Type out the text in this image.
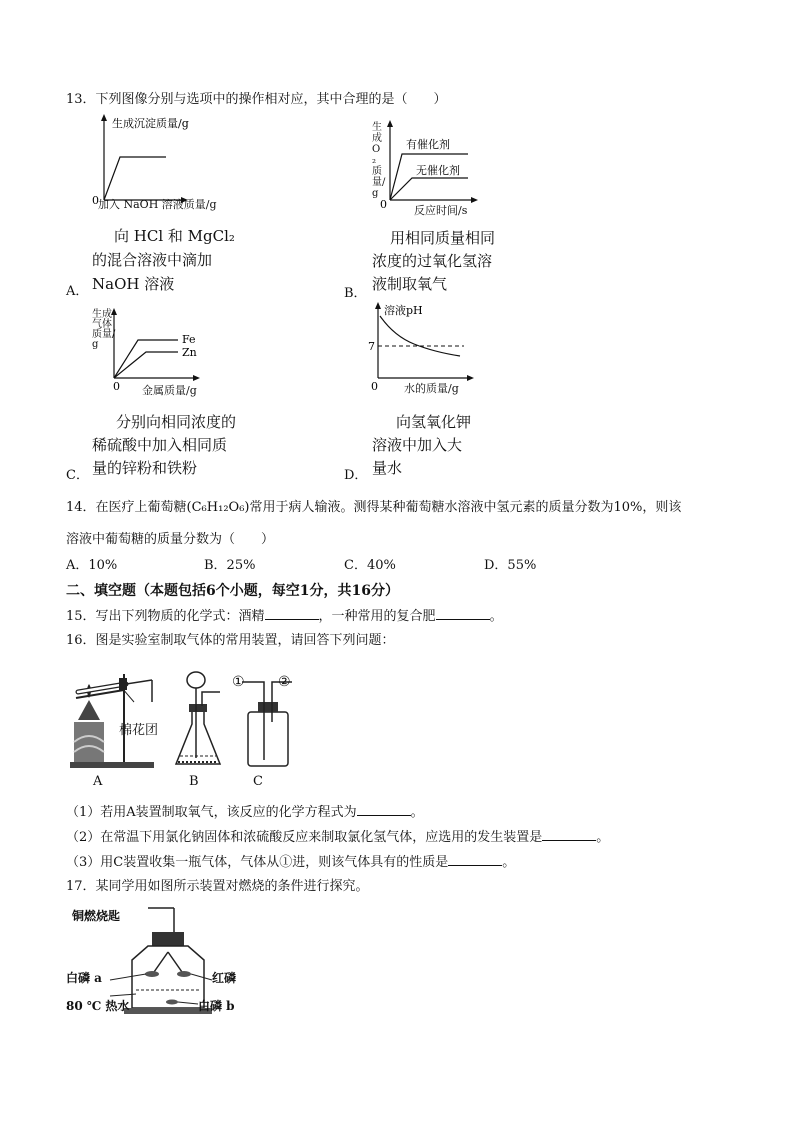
13．下列图像分别与选项中的操作相对应，其中合理的是（　　）
生成沉淀质量/g
0 加入 NaOH 溶液质量/g
向 HCl 和 MgCl₂
的混合溶液中滴加
A． NaOH 溶液
有催化剂
无催化剂
0
生成O₂质量/g
反应时间/s
用相同质量相同
浓度的过氧化氢溶
B．
液制取氧气
Fe
Zn
0
生成气体质量/g
金属质量/g
分别向相同浓度的
稀硫酸中加入相同质
C． 量的锌粉和铁粉
溶液pH
7
0 水的质量/g
向氢氧化钾
溶液中加入大
D． 量水
14．在医疗上葡萄糖(C₆H₁₂O₆)常用于病人输液。测得某种葡萄糖水溶液中氢元素的质量分数为10%，则该
溶液中葡萄糖的质量分数为（　　）
A．10%	B．25%	C．40%	D．55%
二、填空题（本题包括6个小题，每空1分，共16分）
15．写出下列物质的化学式：酒精	，一种常用的复合肥	。
16．图是实验室制取气体的常用装置，请回答下列问题：
棉花团
A	B	C
① ②
（1）若用A装置制取氧气，该反应的化学方程式为	。
（2）在常温下用氯化钠固体和浓硫酸反应来制取氯化氢气体，应选用的发生装置是	。
（3）用C装置收集一瓶气体，气体从①进，则该气体具有的性质是	。
17．某同学用如图所示装置对燃烧的条件进行探究。
铜燃烧匙
白磷 a	红磷
80 ℃ 热水	白磷 b
